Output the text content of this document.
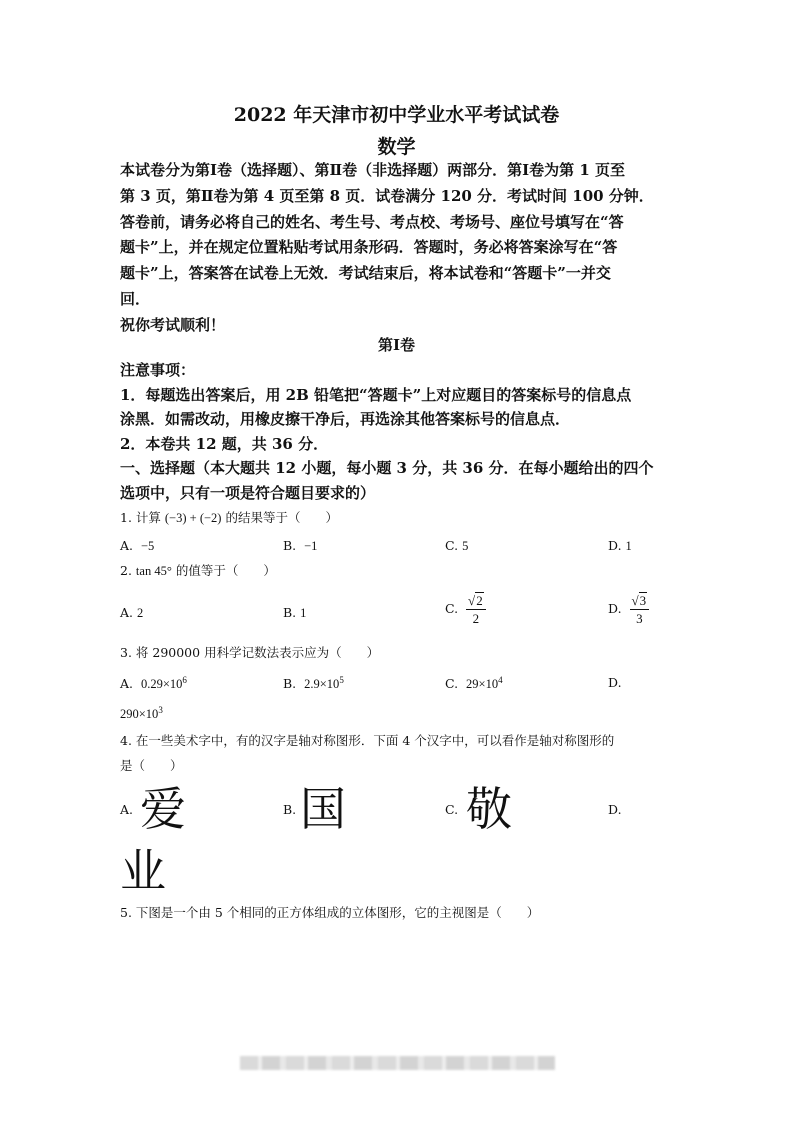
2022 年天津市初中学业水平考试试卷
数学

本试卷分为第Ⅰ卷（选择题）、第Ⅱ卷（非选择题）两部分．第Ⅰ卷为第 1 页至

第 3 页，第Ⅱ卷为第 4 页至第 8 页．试卷满分 120 分．考试时间 100 分钟．

答卷前，请务必将自己的姓名、考生号、考点校、考场号、座位号填写在“答

题卡”上，并在规定位置粘贴考试用条形码．答题时，务必将答案涂写在“答

题卡”上，答案答在试卷上无效．考试结束后，将本试卷和“答题卡”一并交

回．

祝你考试顺利！

第Ⅰ卷

注意事项：

1．每题选出答案后，用 2B 铅笔把“答题卡”上对应题目的答案标号的信息点

涂黑．如需改动，用橡皮擦干净后，再选涂其他答案标号的信息点．

2．本卷共 12 题，共 36 分．

一、选择题（本大题共 12 小题，每小题 3 分，共 36 分．在每小题给出的四个

选项中，只有一项是符合题目要求的）

1. 计算 (−3) + (−2) 的结果等于（　　）
A. −5	B. −1	C. 5	D. 1
2. tan 45° 的值等于（　　）
A. 2	B. 1	C. $\frac{√2}{2}$	D. $\frac{√3}{3}$
3. 将 290000 用科学记数法表示应为（　　）
A. $0.29\times 10^6$	B. $2.9\times 10^5$	C. $29\times 10^4$	D.
$290\times 10^3$
4. 在一些美术字中，有的汉字是轴对称图形．下面 4 个汉字中，可以看作是轴对称图形的
是（　　）
A. 爱	B. 国	C. 敬	D.
业
5. 下图是一个由 5 个相同的正方体组成的立体图形，它的主视图是（　　）
